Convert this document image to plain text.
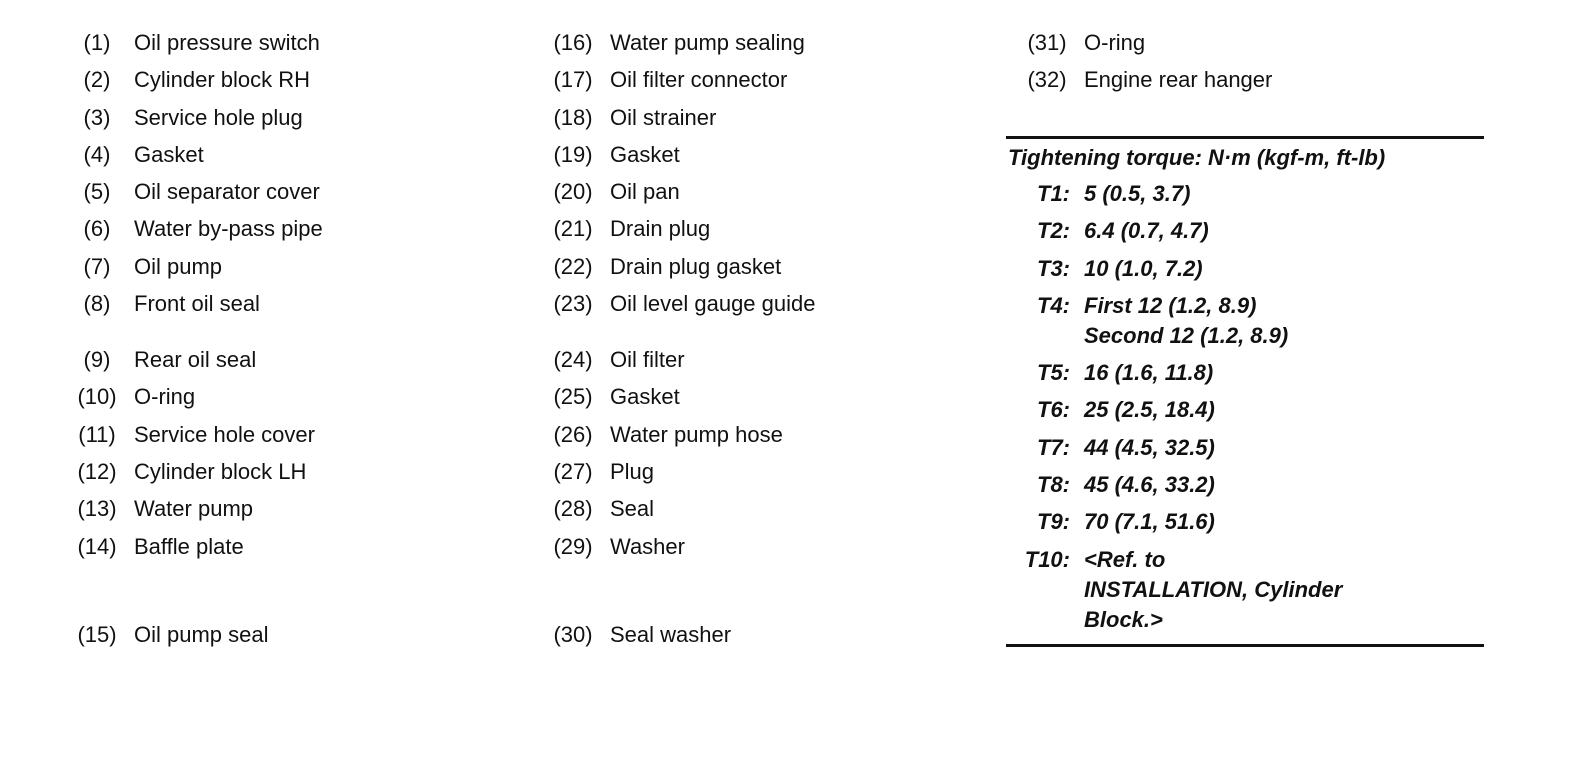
(1)	Oil pressure switch
(2)	Cylinder block RH
(3)	Service hole plug
(4)	Gasket
(5)	Oil separator cover
(6)	Water by-pass pipe
(7)	Oil pump
(8)	Front oil seal
(9)	Rear oil seal
(10) O-ring
(11) Service hole cover
(12) Cylinder block LH
(13) Water pump
(14) Baffle plate
(15) Oil pump seal
(16) Water pump sealing
(17) Oil filter connector
(18) Oil strainer
(19) Gasket
(20) Oil pan
(21) Drain plug
(22) Drain plug gasket
(23) Oil level gauge guide
(24) Oil filter
(25) Gasket
(26) Water pump hose
(27) Plug
(28) Seal
(29) Washer
(30) Seal washer
(31) O-ring
(32) Engine rear hanger
Tightening torque: N·m (kgf-m, ft-lb)
T1: 5 (0.5, 3.7)
T2: 6.4 (0.7, 4.7)
T3: 10 (1.0, 7.2)
T4: First 12 (1.2, 8.9)
Second 12 (1.2, 8.9)
T5: 16 (1.6, 11.8)
T6: 25 (2.5, 18.4)
T7: 44 (4.5, 32.5)
T8: 45 (4.6, 33.2)
T9: 70 (7.1, 51.6)
T10: <Ref. to
INSTALLATION, Cylinder
Block.>
